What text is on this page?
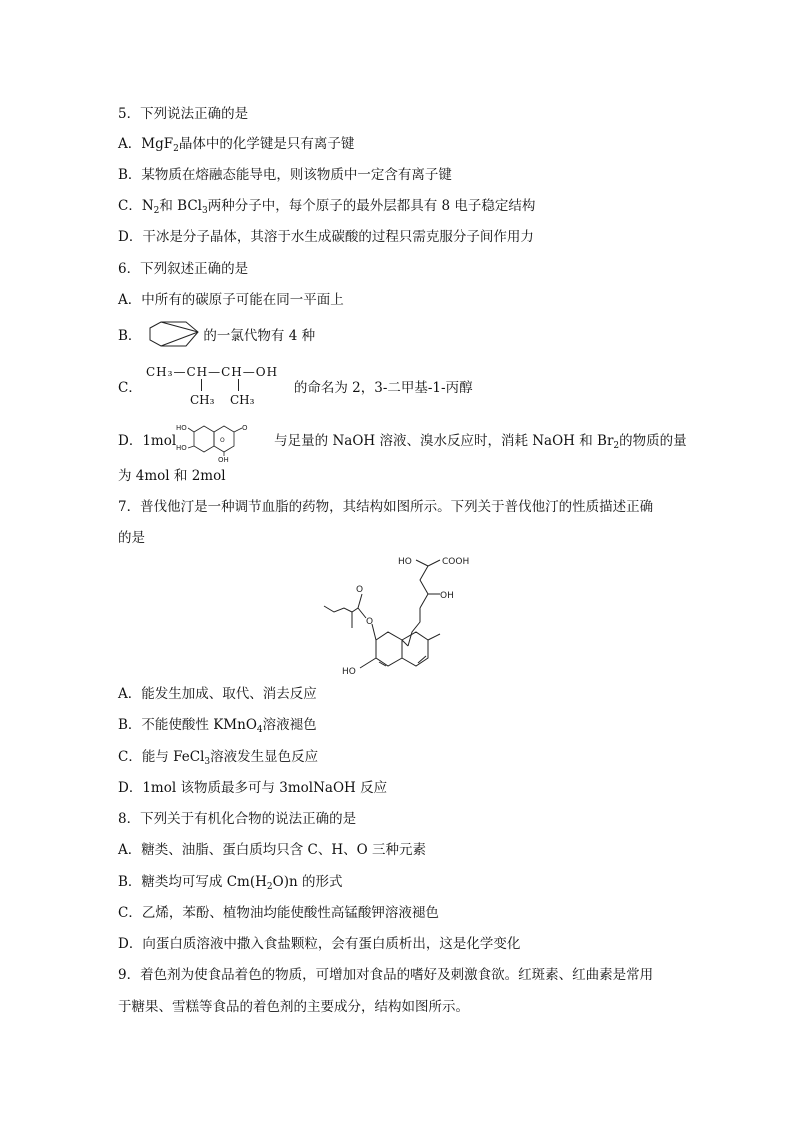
5．下列说法正确的是
A．MgF$_2$晶体中的化学键是只有离子键
B．某物质在熔融态能导电，则该物质中一定含有离子键
C．$N_2$和 BCl$_3$两种分子中，每个原子的最外层都具有 8 电子稳定结构
D．干冰是分子晶体，其溶于水生成碳酸的过程只需克服分子间作用力
6．下列叙述正确的是
A．中所有的碳原子可能在同一平面上
B．	的一氯代物有 4 种
C．	的命名为 2，3-二甲基-1-丙醇
CH₃—CH—CH—OH
CH₃ CH₃
D．1mol	与足量的 NaOH 溶液、溴水反应时，消耗 NaOH 和 $Br_2$的物质的量
HO
HO
O
OH
O
为 4mol 和 2mol
7．普伐他汀是一种调节血脂的药物，其结构如图所示。下列关于普伐他汀的性质描述正确
的是
HO	COOH
OH
O
O
HO
A．能发生加成、取代、消去反应
B．不能使酸性 KMnO$_4$溶液褪色
C．能与 FeCl$_3$溶液发生显色反应
D．1mol 该物质最多可与 3molNaOH 反应
8．下列关于有机化合物的说法正确的是
A．糖类、油脂、蛋白质均只含 C、H、O 三种元素
B．糖类均可写成 $Cm(H_2O)n$ 的形式
C．乙烯，苯酚、植物油均能使酸性高锰酸钾溶液褪色
D．向蛋白质溶液中撒入食盐颗粒，会有蛋白质析出，这是化学变化
9．着色剂为使食品着色的物质，可增加对食品的嗜好及刺激食欲。红斑素、红曲素是常用
于糖果、雪糕等食品的着色剂的主要成分，结构如图所示。
